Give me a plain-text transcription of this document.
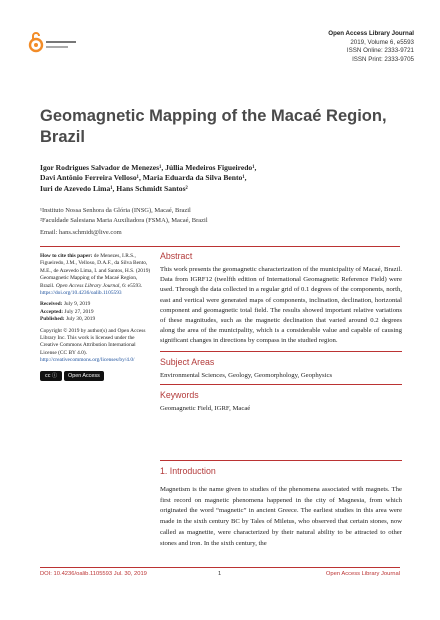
Open Access Library Journal
2019, Volume 6, e5593
ISSN Online: 2333-9721
ISSN Print: 2333-9705
Geomagnetic Mapping of the Macaé Region, Brazil
Igor Rodrigues Salvador de Menezes¹, Júllia Medeiros Figueiredo¹,
Davi Antônio Ferreira Velloso¹, Maria Eduarda da Silva Bento¹,
Iuri de Azevedo Lima¹, Hans Schmidt Santos²
¹Instituto Nossa Senhora da Glória (INSG), Macaé, Brazil
²Faculdade Salesiana Maria Auxiliadora (FSMA), Macaé, Brazil
Email: hans.schmidt@live.com

How to cite this paper: de Menezes, I.R.S., Figueiredo, J.M., Velloso, D.A.F., da Silva Bento, M.E., de Azevedo Lima, I. and Santos, H.S. (2019) Geomagnetic Mapping of the Macaé Region, Brazil. Open Access Library Journal, 6: e5593. https://doi.org/10.4236/oalib.1105593

Received: July 9, 2019
Accepted: July 27, 2019
Published: July 30, 2019

Copyright © 2019 by author(s) and Open Access Library Inc. This work is licensed under the Creative Commons Attribution International License (CC BY 4.0).
http://creativecommons.org/licenses/by/4.0/

cc ⓘ	Open Access
Abstract

This work presents the geomagnetic characterization of the municipality of Macaé, Brazil. Data from IGRF12 (twelfth edition of International Geomagnetic Reference Field) were used. Through the data collected in a regular grid of 0.1 degrees of the components, north, east and vertical were generated maps of components, inclination, declination, horizontal component and geomagnetic total field. The results showed important relative variations of these magnitudes, such as the magnetic declination that varied around 0.2 degrees along the area of the municipality, which is a considerable value and capable of causing significant changes in directions by compass in the studied region.

Subject Areas

Environmental Sciences, Geology, Geomorphology, Geophysics

Keywords

Geomagnetic Field, IGRF, Macaé

1. Introduction

Magnetism is the name given to studies of the phenomena associated with magnets. The first record on magnetic phenomena happened in the city of Magnesia, from which originated the word “magnetic” in ancient Greece. The earliest studies in this area were made in the sixth century BC by Tales of Miletus, who observed that certain stones, now called as magnetite, were characterized by their natural ability to be attracted to other stones and iron. In the sixth century, the

DOI: 10.4236/oalib.1105593 Jul. 30, 2019	1	Open Access Library Journal
